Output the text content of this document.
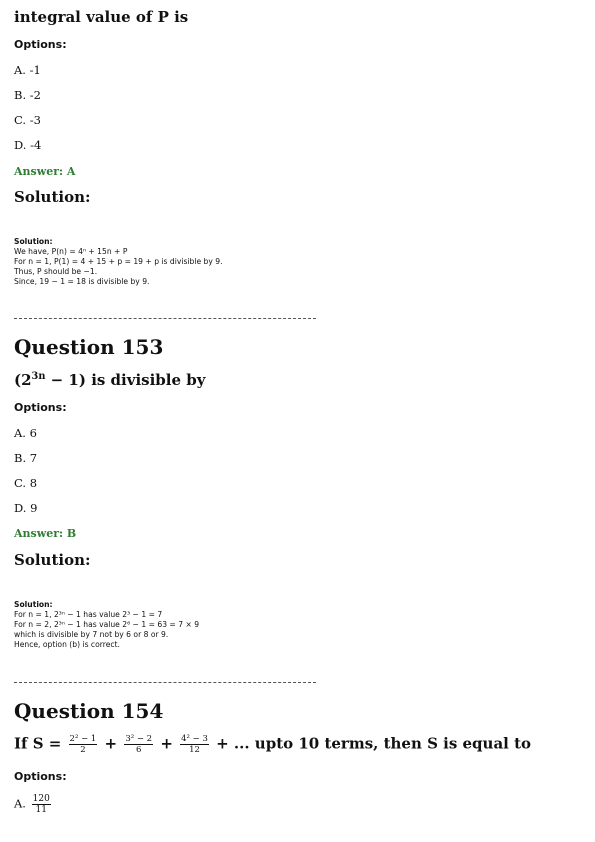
integral value of P is
Options:
A. -1
B. -2
C. -3
D. -4
Answer: A
Solution:
Solution:
We have, P(n) = 4ⁿ + 15n + P
For n = 1, P(1) = 4 + 15 + p = 19 + p is divisible by 9.
Thus, P should be −1.
Since, 19 − 1 = 18 is divisible by 9.
Question 153
$(2^{3n} - 1)$ is divisible by
Options:
A. 6
B. 7
C. 8
D. 9
Answer: B
Solution:
Solution:
For n = 1, 2³ⁿ − 1 has value 2³ − 1 = 7
For n = 2, 2³ⁿ − 1 has value 2⁶ − 1 = 63 = 7 × 9
which is divisible by 7 not by 6 or 8 or 9.
Hence, option (b) is correct.
Question 154
If $S = \frac{\text{2² − 1}}{2} + \frac{\text{3² − 2}}{6} + \frac{\text{4² − 3}}{12}$ + ... upto 10 terms, then S is equal to
Options:
A. $\frac{120}{11}$
